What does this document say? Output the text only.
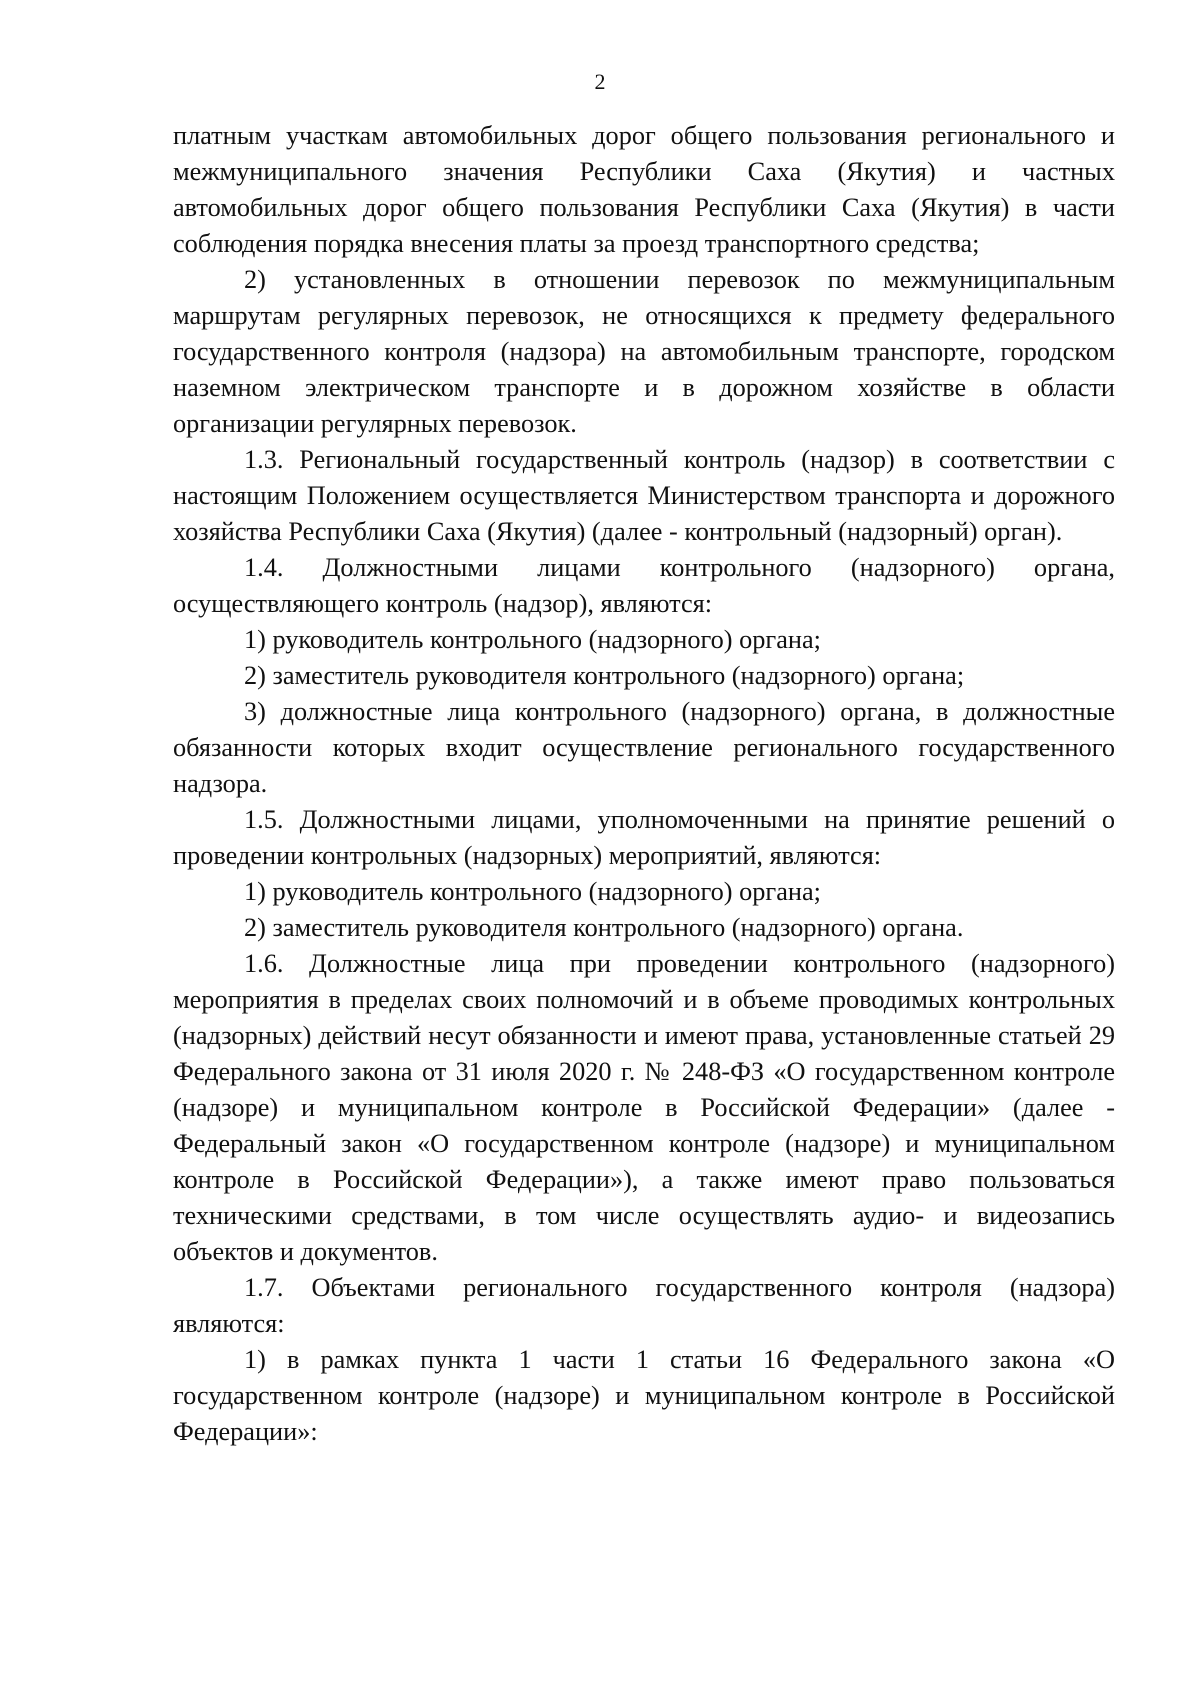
2

платным участкам автомобильных дорог общего пользования регионального и межмуниципального значения Республики Саха (Якутия) и частных автомобильных дорог общего пользования Республики Саха (Якутия) в части соблюдения порядка внесения платы за проезд транспортного средства;

2) установленных в отношении перевозок по межмуниципальным маршрутам регулярных перевозок, не относящихся к предмету федерального государственного контроля (надзора) на автомобильным транспорте, городском наземном электрическом транспорте и в дорожном хозяйстве в области организации регулярных перевозок.

1.3. Региональный государственный контроль (надзор) в соответствии с настоящим Положением осуществляется Министерством транспорта и дорожного хозяйства Республики Саха (Якутия) (далее - контрольный (надзорный) орган).

1.4. Должностными лицами контрольного (надзорного) органа, осуществляющего контроль (надзор), являются:

1) руководитель контрольного (надзорного) органа;

2) заместитель руководителя контрольного (надзорного) органа;

3) должностные лица контрольного (надзорного) органа, в должностные обязанности которых входит осуществление регионального государственного надзора.

1.5. Должностными лицами, уполномоченными на принятие решений о проведении контрольных (надзорных) мероприятий, являются:

1) руководитель контрольного (надзорного) органа;

2) заместитель руководителя контрольного (надзорного) органа.

1.6. Должностные лица при проведении контрольного (надзорного) мероприятия в пределах своих полномочий и в объеме проводимых контрольных (надзорных) действий несут обязанности и имеют права, установленные статьей 29 Федерального закона от 31 июля 2020 г. № 248-ФЗ «О государственном контроле (надзоре) и муниципальном контроле в Российской Федерации» (далее - Федеральный закон «О государственном контроле (надзоре) и муниципальном контроле в Российской Федерации»), а также имеют право пользоваться техническими средствами, в том числе осуществлять аудио- и видеозапись объектов и документов.

1.7. Объектами регионального государственного контроля (надзора) являются:

1) в рамках пункта 1 части 1 статьи 16 Федерального закона «О государственном контроле (надзоре) и муниципальном контроле в Российской Федерации»:
